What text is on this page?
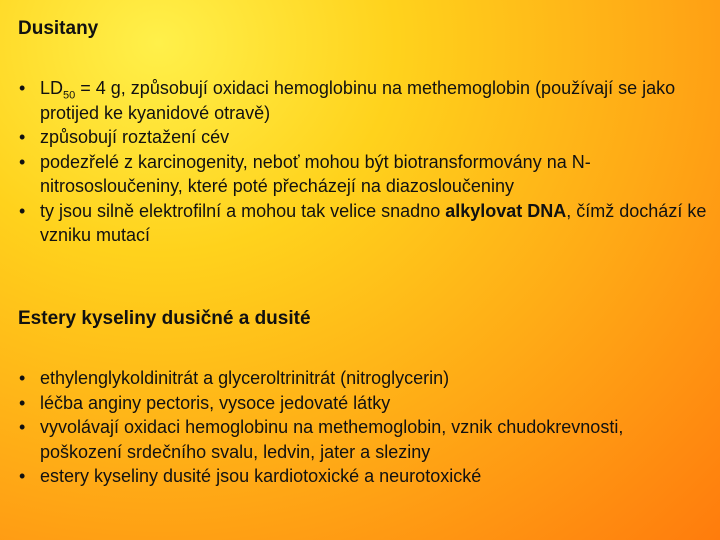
Dusitany
• $LD_{50} = 4$ g, způsobují oxidaci hemoglobinu na methemoglobin (používají se jako protijed ke kyanidové otravě)
• způsobují roztažení cév
• podezřelé z karcinogenity, neboť mohou být biotransformovány na N-nitrososloučeniny, které poté přecházejí na diazosloučeniny
• ty jsou silně elektrofilní a mohou tak velice snadno alkylovat DNA, čímž dochází ke vzniku mutací
Estery kyseliny dusičné a dusité
• ethylenglykoldinitrát a glyceroltrinitrát (nitroglycerin)
• léčba anginy pectoris, vysoce jedovaté látky
• vyvolávají oxidaci hemoglobinu na methemoglobin, vznik chudokrevnosti, poškození srdečního svalu, ledvin, jater a sleziny
• estery kyseliny dusité jsou kardiotoxické a neurotoxické
